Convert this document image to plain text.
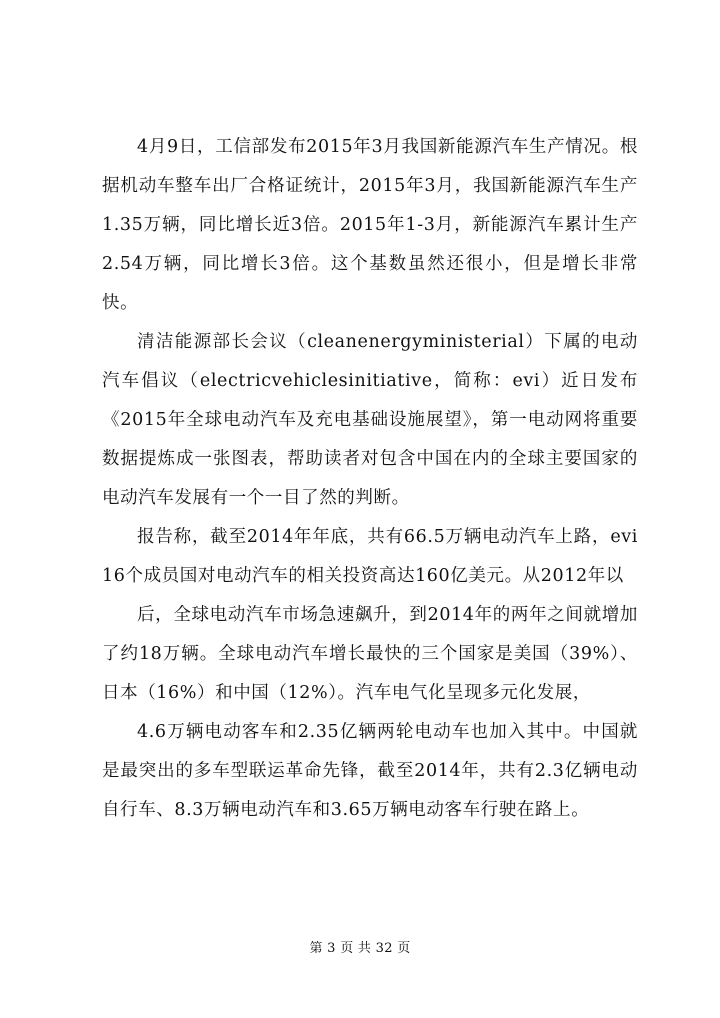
4月9日，工信部发布2015年3月我国新能源汽车生产情况。根据机动车整车出厂合格证统计，2015年3月，我国新能源汽车生产1.35万辆，同比增长近3倍。2015年1-3月，新能源汽车累计生产2.54万辆，同比增长3倍。这个基数虽然还很小，但是增长非常快。

清洁能源部长会议（cleanenergyministerial）下属的电动汽车倡议（electricvehiclesinitiative，简称：evi）近日发布《2015年全球电动汽车及充电基础设施展望》，第一电动网将重要数据提炼成一张图表，帮助读者对包含中国在内的全球主要国家的电动汽车发展有一个一目了然的判断。

报告称，截至2014年年底，共有66.5万辆电动汽车上路，evi16个成员国对电动汽车的相关投资高达160亿美元。从2012年以

后，全球电动汽车市场急速飙升，到2014年的两年之间就增加了约18万辆。全球电动汽车增长最快的三个国家是美国（39%）、日本（16%）和中国（12%）。汽车电气化呈现多元化发展，

4.6万辆电动客车和2.35亿辆两轮电动车也加入其中。中国就是最突出的多车型联运革命先锋，截至2014年，共有2.3亿辆电动自行车、8.3万辆电动汽车和3.65万辆电动客车行驶在路上。

第 3 页 共 32 页
